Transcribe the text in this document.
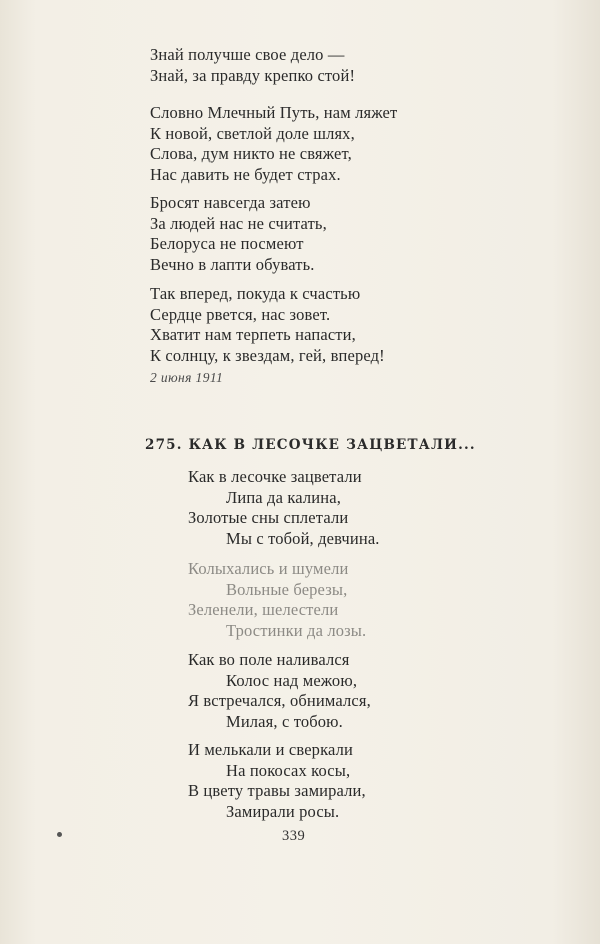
Знай получше свое дело —
Знай, за правду крепко стой!
Словно Млечный Путь, нам ляжет
К новой, светлой доле шлях,
Слова, дум никто не свяжет,
Нас давить не будет страх.
Бросят навсегда затею
За людей нас не считать,
Белоруса не посмеют
Вечно в лапти обувать.
Так вперед, покуда к счастью
Сердце рвется, нас зовет.
Хватит нам терпеть напасти,
К солнцу, к звездам, гей, вперед!
2 июня 1911
275. КАК В ЛЕСОЧКЕ ЗАЦВЕТАЛИ...
Как в лесочке зацветали
Липа да калина,
Золотые сны сплетали
Мы с тобой, девчина.
Колыхались и шумели
Вольные березы,
Зеленели, шелестели
Тростинки да лозы.
Как во поле наливался
Колос над межою,
Я встречался, обнимался,
Милая, с тобою.
И мелькали и сверкали
На покосах косы,
В цвету травы замирали,
Замирали росы.
339
